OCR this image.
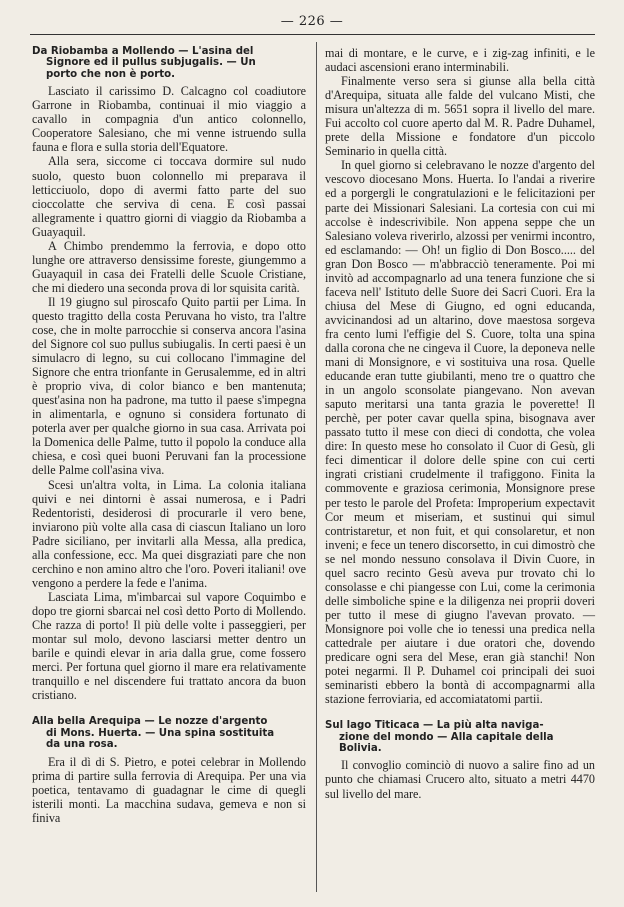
— 226 —
Da Riobamba a Mollendo — L'asina del
Signore ed il pullus subjugalis. — Un
porto che non è porto.

Lasciato il carissimo D. Calcagno col coadiutore Garrone in Riobamba, continuai il mio viaggio a cavallo in compagnia d'un antico colonnello, Cooperatore Salesiano, che mi venne istruendo sulla fauna e flora e sulla storia dell'Equatore.

Alla sera, siccome ci toccava dormire sul nudo suolo, questo buon colonnello mi preparava il letticciuolo, dopo di avermi fatto parte del suo cioccolatte che serviva di cena. E così passai allegramente i quattro giorni di viaggio da Riobamba a Guayaquil.

A Chimbo prendemmo la ferrovia, e dopo otto lunghe ore attraverso densissime foreste, giungemmo a Guayaquil in casa dei Fratelli delle Scuole Cristiane, che mi diedero una seconda prova di lor squisita carità.

Il 19 giugno sul piroscafo Quito partii per Lima. In questo tragitto della costa Peruvana ho visto, tra l'altre cose, che in molte parrocchie si conserva ancora l'asina del Signore col suo pullus subiugalis. In certi paesi è un simulacro di legno, su cui collocano l'immagine del Signore che entra trionfante in Gerusalemme, ed in altri è proprio viva, di color bianco e ben mantenuta; quest'asina non ha padrone, ma tutto il paese s'impegna in alimentarla, e ognuno si considera fortunato di poterla aver per qualche giorno in sua casa. Arrivata poi la Domenica delle Palme, tutto il popolo la conduce alla chiesa, e così quei buoni Peruvani fan la processione delle Palme coll'asina viva.

Scesi un'altra volta, in Lima. La colonia italiana quivi e nei dintorni è assai numerosa, e i Padri Redentoristi, desiderosi di procurarle il vero bene, inviarono più volte alla casa di ciascun Italiano un loro Padre siciliano, per invitarli alla Messa, alla predica, alla confessione, ecc. Ma quei disgraziati pare che non cerchino e non amino altro che l'oro. Poveri italiani! ove vengono a perdere la fede e l'anima.

Lasciata Lima, m'imbarcai sul vapore Coquimbo e dopo tre giorni sbarcai nel così detto Porto di Mollendo. Che razza di porto! Il più delle volte i passeggieri, per montar sul molo, devono lasciarsi metter dentro un barile e quindi elevar in aria dalla grue, come fossero merci. Per fortuna quel giorno il mare era relativamente tranquillo e nel discendere fui trattato ancora da buon cristiano.

Alla bella Arequipa — Le nozze d'argento
di Mons. Huerta. — Una spina sostituita
da una rosa.

Era il dì di S. Pietro, e potei celebrar in Mollendo prima di partire sulla ferrovia di Arequipa. Per una via poetica, tentavamo di guadagnar le cime di quegli isterili monti. La macchina sudava, gemeva e non si finiva

mai di montare, e le curve, e i zig-zag infiniti, e le audaci ascensioni erano interminabili.

Finalmente verso sera si giunse alla bella città d'Arequipa, situata alle falde del vulcano Misti, che misura un'altezza di m. 5651 sopra il livello del mare. Fui accolto col cuore aperto dal M. R. Padre Duhamel, prete della Missione e fondatore d'un piccolo Seminario in quella città.

In quel giorno si celebravano le nozze d'argento del vescovo diocesano Mons. Huerta. Io l'andai a riverire ed a porgergli le congratulazioni e le felicitazioni per parte dei Missionari Salesiani. La cortesia con cui mi accolse è indescrivibile. Non appena seppe che un Salesiano voleva riverirlo, alzossi per venirmi incontro, ed esclamando: — Oh! un figlio di Don Bosco..... del gran Don Bosco — m'abbracciò teneramente. Poi mi invitò ad accompagnarlo ad una tenera funzione che si faceva nell' Istituto delle Suore dei Sacri Cuori. Era la chiusa del Mese di Giugno, ed ogni educanda, avvicinandosi ad un altarino, dove maestosa sorgeva fra cento lumi l'effigie del S. Cuore, tolta una spina dalla corona che ne cingeva il Cuore, la deponeva nelle mani di Monsignore, e vi sostituiva una rosa. Quelle educande eran tutte giubilanti, meno tre o quattro che in un angolo sconsolate piangevano. Non avevan saputo meritarsi una tanta grazia le poverette! Il perchè, per poter cavar quella spina, bisognava aver passato tutto il mese con dieci di condotta, che volea dire: In questo mese ho consolato il Cuor di Gesù, gli feci dimenticar il dolore delle spine con cui certi ingrati cristiani crudelmente il trafiggono. Finita la commovente e graziosa cerimonia, Monsignore prese per testo le parole del Profeta: Improperium expectavit Cor meum et miseriam, et sustinui qui simul contristaretur, et non fuit, et qui consolaretur, et non inveni; e fece un tenero discorsetto, in cui dimostrò che se nel mondo nessuno consolava il Divin Cuore, in quel sacro recinto Gesù aveva pur trovato chi lo consolasse e chi piangesse con Lui, come la cerimonia delle simboliche spine e la diligenza nei proprii doveri per tutto il mese di giugno l'avevan provato. — Monsignore poi volle che io tenessi una predica nella cattedrale per aiutare i due oratori che, dovendo predicare ogni sera del Mese, eran già stanchi! Non potei negarmi. Il P. Duhamel coi principali dei suoi seminaristi ebbero la bontà di accompagnarmi alla stazione ferroviaria, ed accomiatatomi partii.

Sul lago Titicaca — La più alta naviga-
zione del mondo — Alla capitale della
Bolivia.

Il convoglio cominciò di nuovo a salire fino ad un punto che chiamasi Crucero alto, situato a metri 4470 sul livello del mare.
